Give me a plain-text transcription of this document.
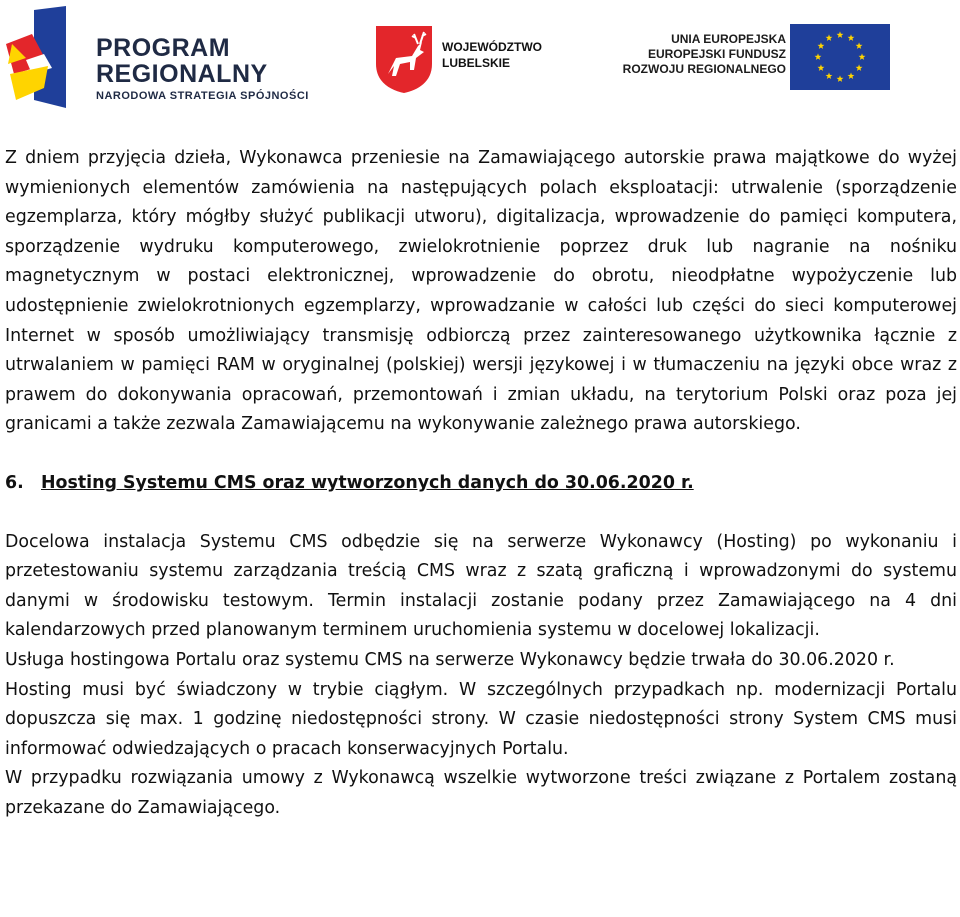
PROGRAM
REGIONALNY
NARODOWA STRATEGIA SPÓJNOŚCI
WOJEWÓDZTWO
LUBELSKIE
UNIA EUROPEJSKA
EUROPEJSKI FUNDUSZ
ROZWOJU REGIONALNEGO

Z dniem przyjęcia dzieła, Wykonawca przeniesie na Zamawiającego autorskie prawa majątkowe do wyżej wymienionych elementów zamówienia na następujących polach eksploatacji: utrwalenie (sporządzenie egzemplarza, który mógłby służyć publikacji utworu), digitalizacja, wprowadzenie do pamięci komputera, sporządzenie wydruku komputerowego, zwielokrotnienie poprzez druk lub nagranie na nośniku magnetycznym w postaci elektronicznej, wprowadzenie do obrotu, nieodpłatne wypożyczenie lub udostępnienie zwielokrotnionych egzemplarzy, wprowadzanie w całości lub części do sieci komputerowej Internet w sposób umożliwiający transmisję odbiorczą przez zainteresowanego użytkownika łącznie z utrwalaniem w pamięci RAM w oryginalnej (polskiej) wersji językowej i w tłumaczeniu na języki obce wraz z prawem do dokonywania opracowań, przemontowań i zmian układu, na terytorium Polski oraz poza jej granicami a także zezwala Zamawiającemu na wykonywanie zależnego prawa autorskiego.

6. Hosting Systemu CMS oraz wytworzonych danych do 30.06.2020 r.

Docelowa instalacja Systemu CMS odbędzie się na serwerze Wykonawcy (Hosting) po wykonaniu i przetestowaniu systemu zarządzania treścią CMS wraz z szatą graficzną i wprowadzonymi do systemu danymi w środowisku testowym. Termin instalacji zostanie podany przez Zamawiającego na 4 dni kalendarzowych przed planowanym terminem uruchomienia systemu w docelowej lokalizacji.

Usługa hostingowa Portalu oraz systemu CMS na serwerze Wykonawcy będzie trwała do 30.06.2020 r.

Hosting musi być świadczony w trybie ciągłym. W szczególnych przypadkach np. modernizacji Portalu dopuszcza się max. 1 godzinę niedostępności strony. W czasie niedostępności strony System CMS musi informować odwiedzających o pracach konserwacyjnych Portalu.

W przypadku rozwiązania umowy z Wykonawcą wszelkie wytworzone treści związane z Portalem zostaną przekazane do Zamawiającego.
